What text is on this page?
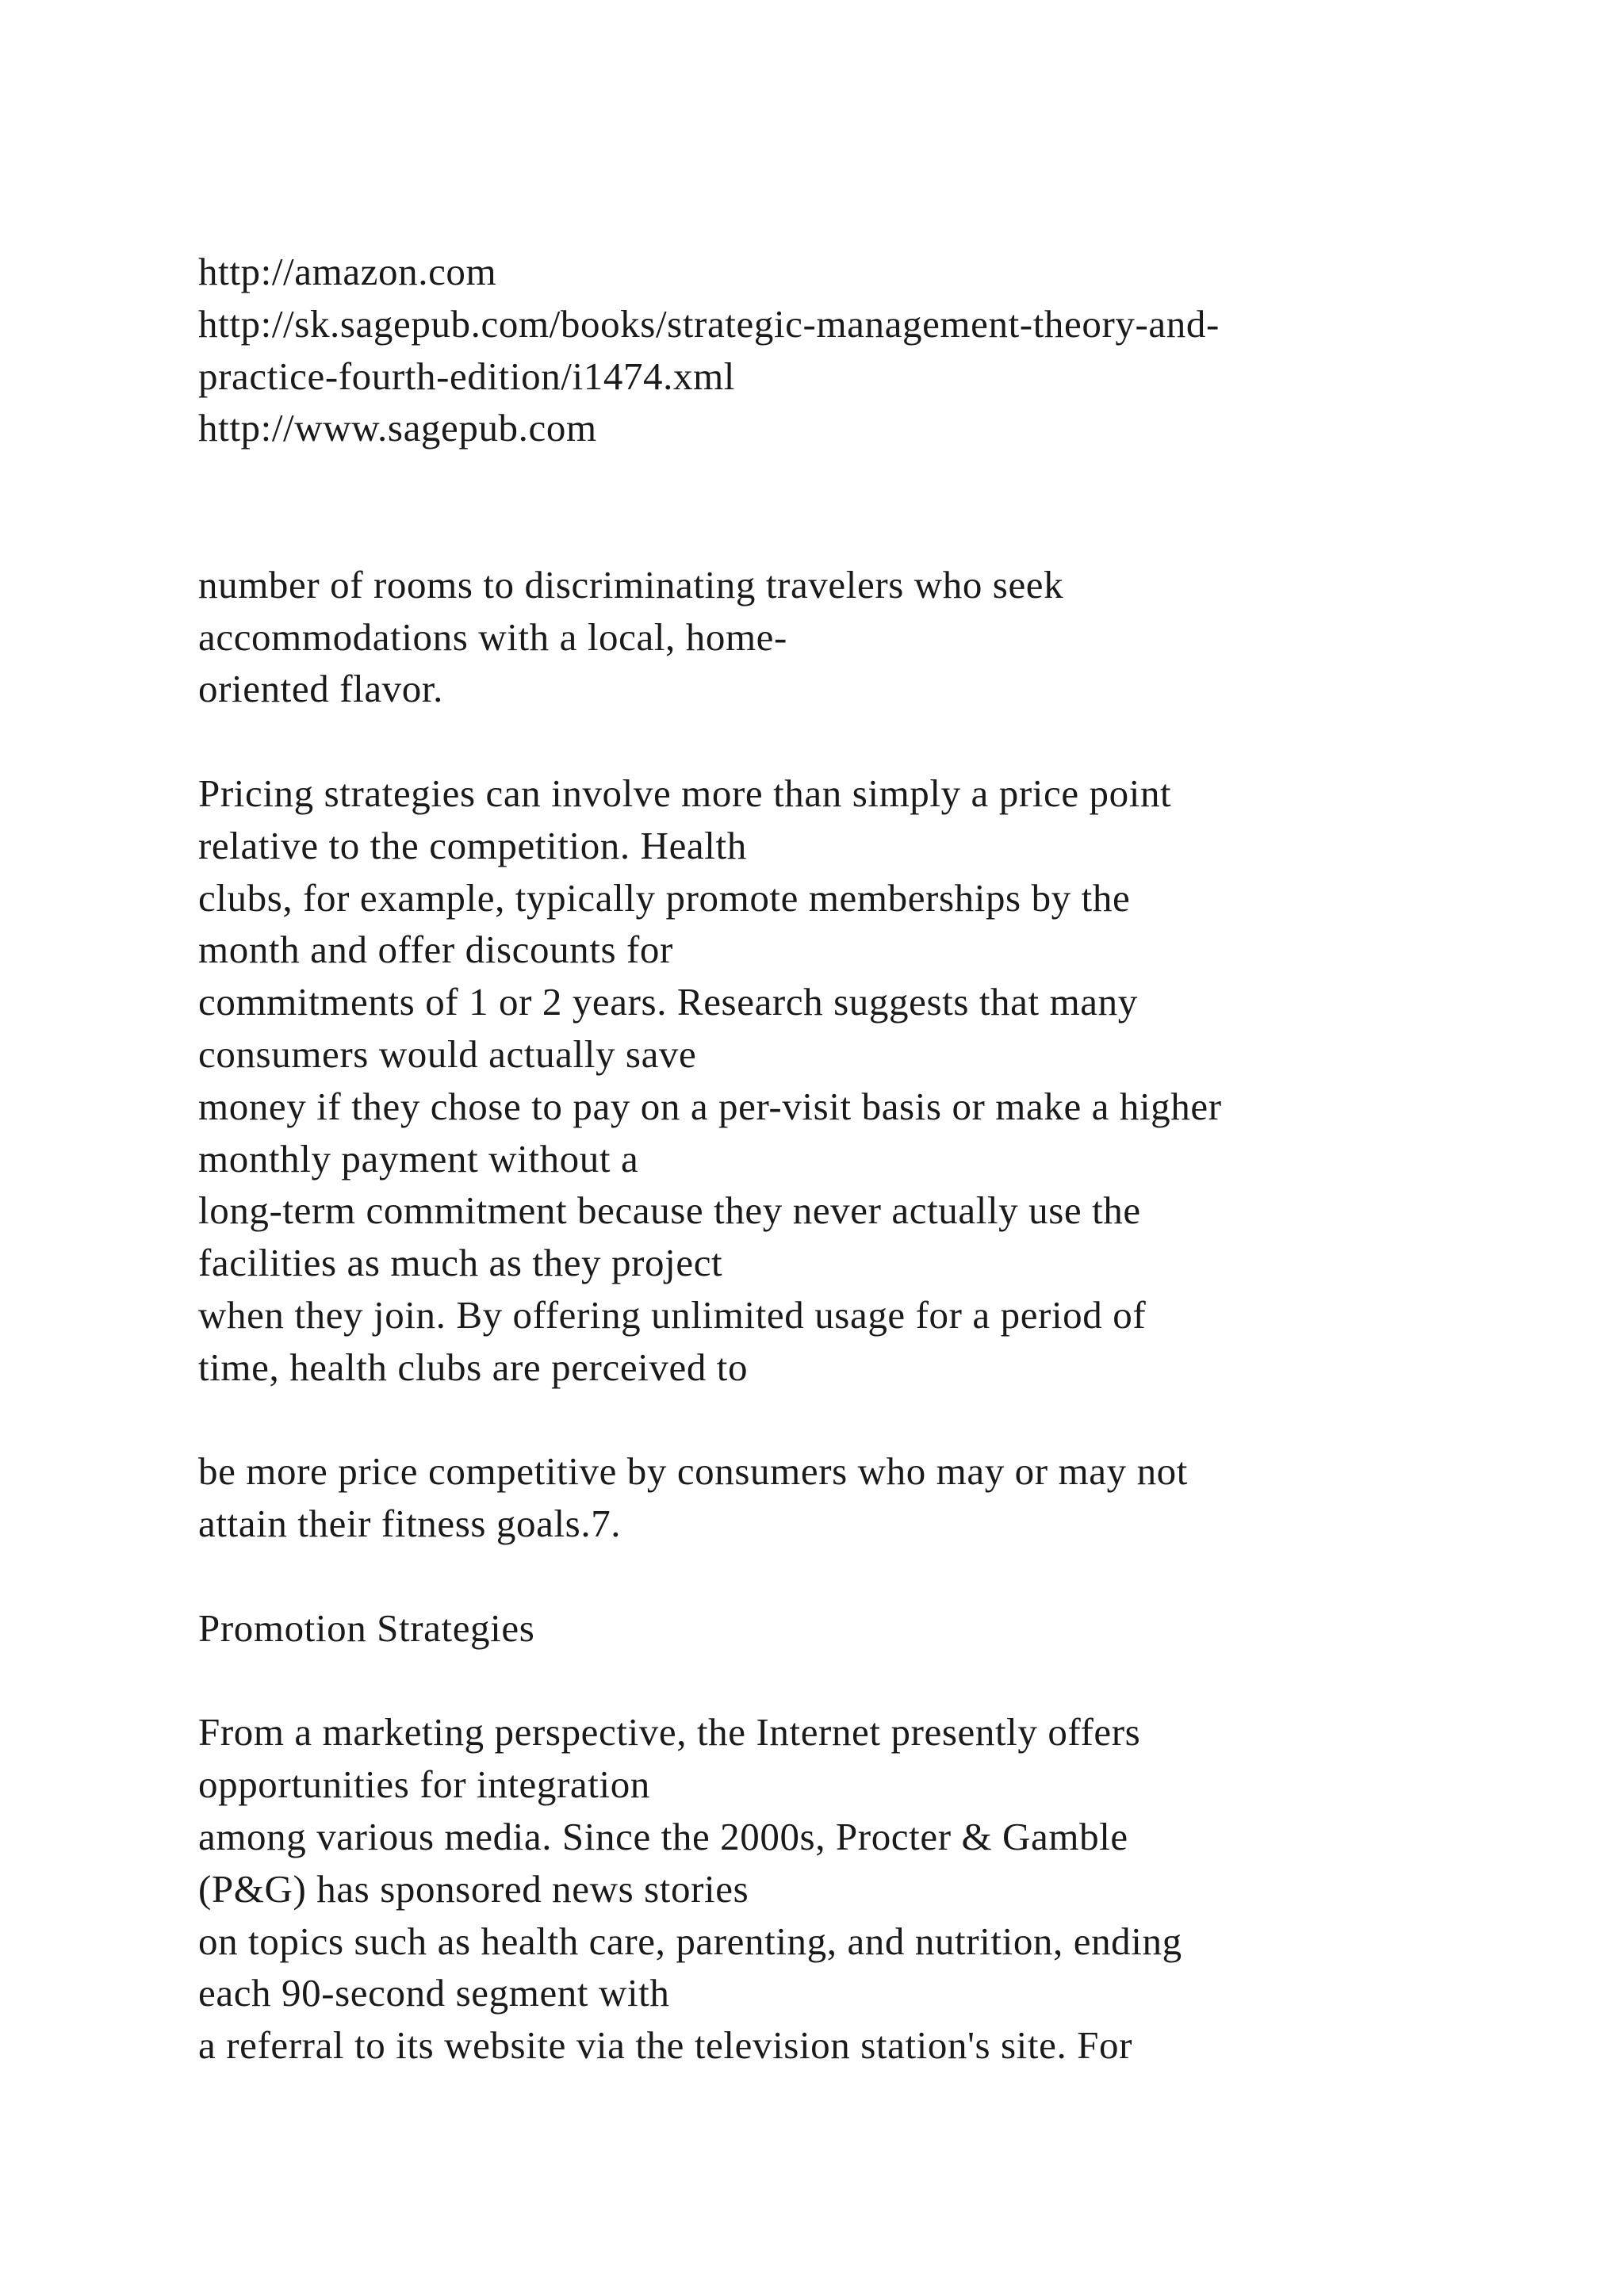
http://amazon.com
http://sk.sagepub.com/books/strategic-management-theory-and-
practice-fourth-edition/i1474.xml
http://www.sagepub.com
number of rooms to discriminating travelers who seek
accommodations with a local, home-
oriented flavor.
Pricing strategies can involve more than simply a price point
relative to the competition. Health
clubs, for example, typically promote memberships by the
month and offer discounts for
commitments of 1 or 2 years. Research suggests that many
consumers would actually save
money if they chose to pay on a per-visit basis or make a higher
monthly payment without a
long-term commitment because they never actually use the
facilities as much as they project
when they join. By offering unlimited usage for a period of
time, health clubs are perceived to
be more price competitive by consumers who may or may not
attain their fitness goals.7.
Promotion Strategies
From a marketing perspective, the Internet presently offers
opportunities for integration
among various media. Since the 2000s, Procter & Gamble
(P&G) has sponsored news stories
on topics such as health care, parenting, and nutrition, ending
each 90-second segment with
a referral to its website via the television station's site. For
